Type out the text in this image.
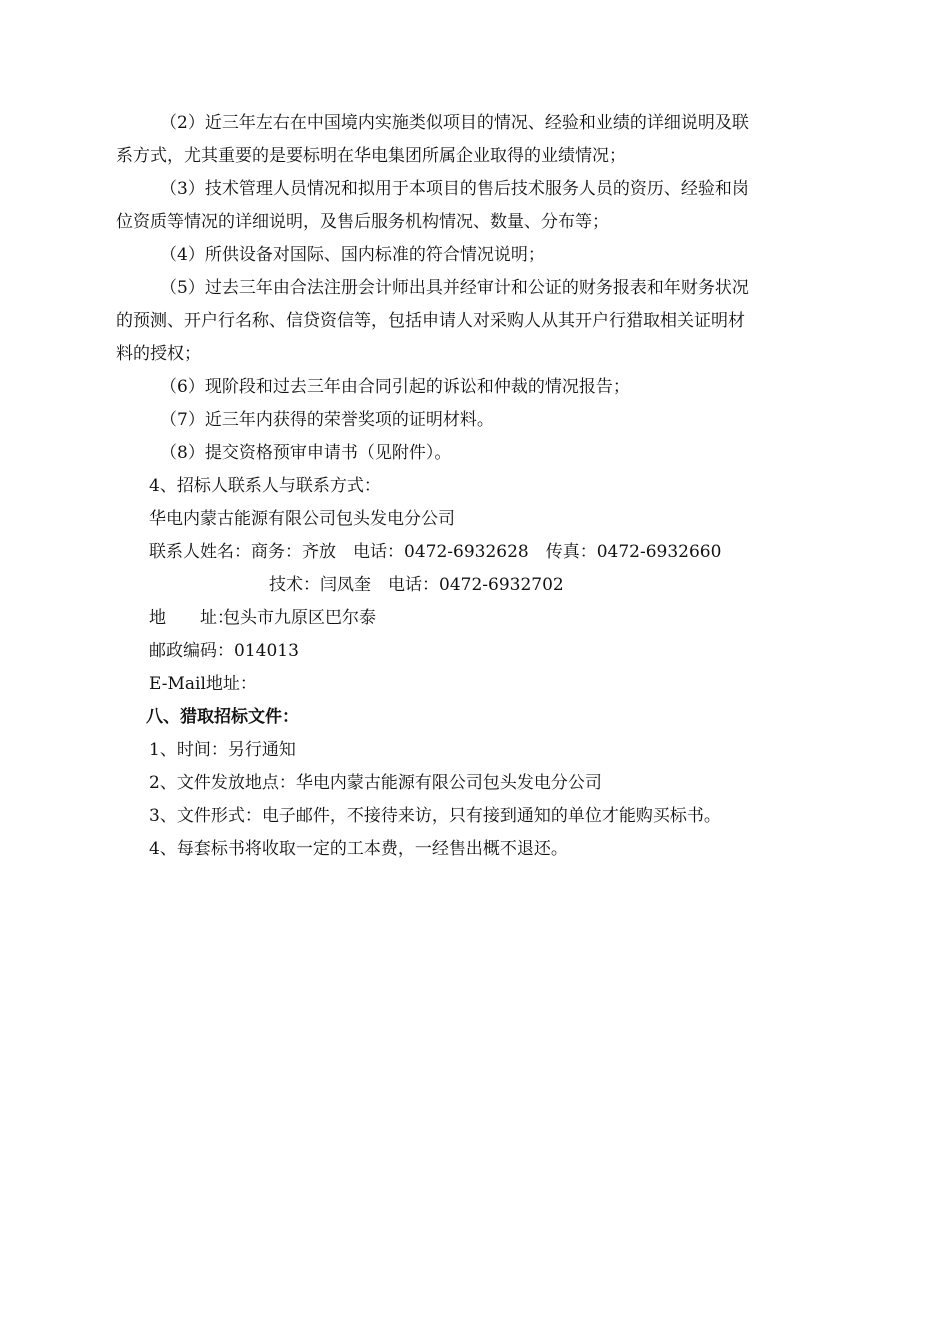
（2）近三年左右在中国境内实施类似项目的情况、经验和业绩的详细说明及联
系方式，尤其重要的是要标明在华电集团所属企业取得的业绩情况；
（3）技术管理人员情况和拟用于本项目的售后技术服务人员的资历、经验和岗
位资质等情况的详细说明，及售后服务机构情况、数量、分布等；
（4）所供设备对国际、国内标准的符合情况说明；
（5）过去三年由合法注册会计师出具并经审计和公证的财务报表和年财务状况
的预测、开户行名称、信贷资信等，包括申请人对采购人从其开户行猎取相关证明材
料的授权；
（6）现阶段和过去三年由合同引起的诉讼和仲裁的情况报告；
（7）近三年内获得的荣誉奖项的证明材料。
（8）提交资格预审申请书（见附件）。
4、招标人联系人与联系方式：
华电内蒙古能源有限公司包头发电分公司
联系人姓名：商务：齐放　电话：0472-6932628　传真：0472-6932660
技术：闫凤奎　电话：0472-6932702
地　　址：包头市九原区巴尔泰
邮政编码：014013
E-Mail地址：
八、猎取招标文件：
1、时间：另行通知
2、文件发放地点：华电内蒙古能源有限公司包头发电分公司
3、文件形式：电子邮件，不接待来访，只有接到通知的单位才能购买标书。
4、每套标书将收取一定的工本费，一经售出概不退还。
